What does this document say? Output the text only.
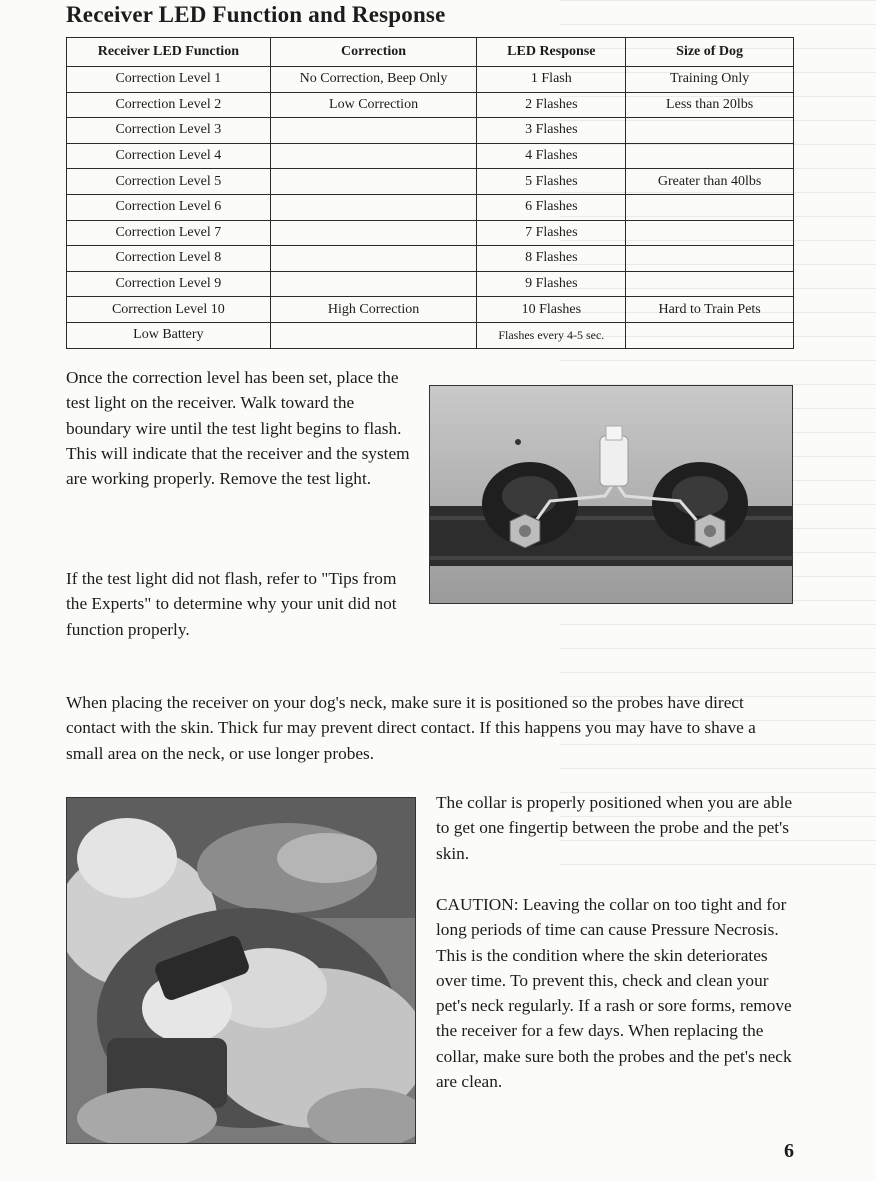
Receiver LED Function and Response
Receiver LED Function	Correction	LED Response	Size of Dog
Correction Level 1	No Correction, Beep Only	1 Flash	Training Only
Correction Level 2	Low Correction	2 Flashes	Less than 20lbs
Correction Level 3		3 Flashes	
Correction Level 4		4 Flashes	
Correction Level 5		5 Flashes	Greater than 40lbs
Correction Level 6		6 Flashes	
Correction Level 7		7 Flashes	
Correction Level 8		8 Flashes	
Correction Level 9		9 Flashes	
Correction Level 10	High Correction	10 Flashes	Hard to Train Pets
Low Battery		Flashes every 4-5 sec.	

Once the correction level has been set, place the test light on the receiver. Walk toward the boundary wire until the test light begins to flash. This will indicate that the receiver and the system are working properly. Remove the test light.

If the test light did not flash, refer to "Tips from the Experts" to determine why your unit did not function properly.

When placing the receiver on your dog's neck, make sure it is positioned so the probes have direct contact with the skin. Thick fur may prevent direct contact. If this happens you may have to shave a small area on the neck, or use longer probes.

The collar is properly positioned when you are able to get one fingertip between the probe and the pet's skin.

CAUTION: Leaving the collar on too tight and for long periods of time can cause Pressure Necrosis. This is the condition where the skin deteriorates over time. To prevent this, check and clean your pet's neck regularly. If a rash or sore forms, remove the receiver for a few days. When replacing the collar, make sure both the probes and the pet's neck are clean.

6
